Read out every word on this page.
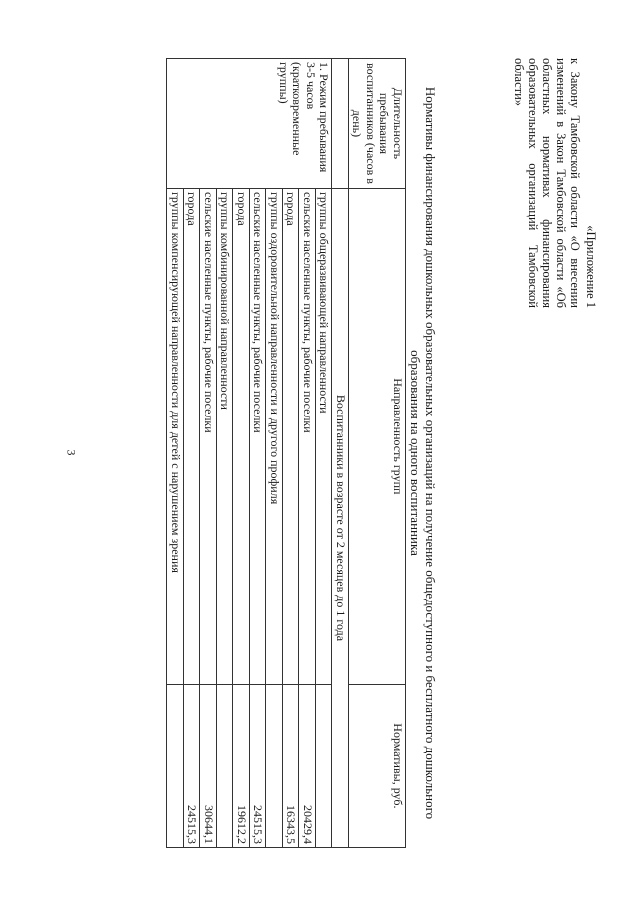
3
«Приложение 1
к Закону Тамбовской области «О внесении изменений в Закон Тамбовской области «Об областных нормативах финансирования образовательных организаций Тамбовской области»
Нормативы финансирования дошкольных образовательных организаций на получение общедоступного и бесплатного дошкольного образования на одного воспитанника
Длительность пребывания воспитанников (часов в день)	Направленность групп	Нормативы, руб.
	Воспитанники в возрасте от 2 месяцев до 1 года	
1. Режим пребывания 3-5 часов (кратковременные группы)	группы общеразвивающей направленности	
	сельские населенные пункты, рабочие поселки	20429,4
	города	16343,5
	группы оздоровительной направленности и другого профиля	
	сельские населенные пункты, рабочие поселки	24515,3
	города	19612,2
	группы комбинированной направленности	
	сельские населенные пункты, рабочие поселки	30644,1
	города	24515,3
	группы компенсирующей направленности для детей с нарушением зрения	
